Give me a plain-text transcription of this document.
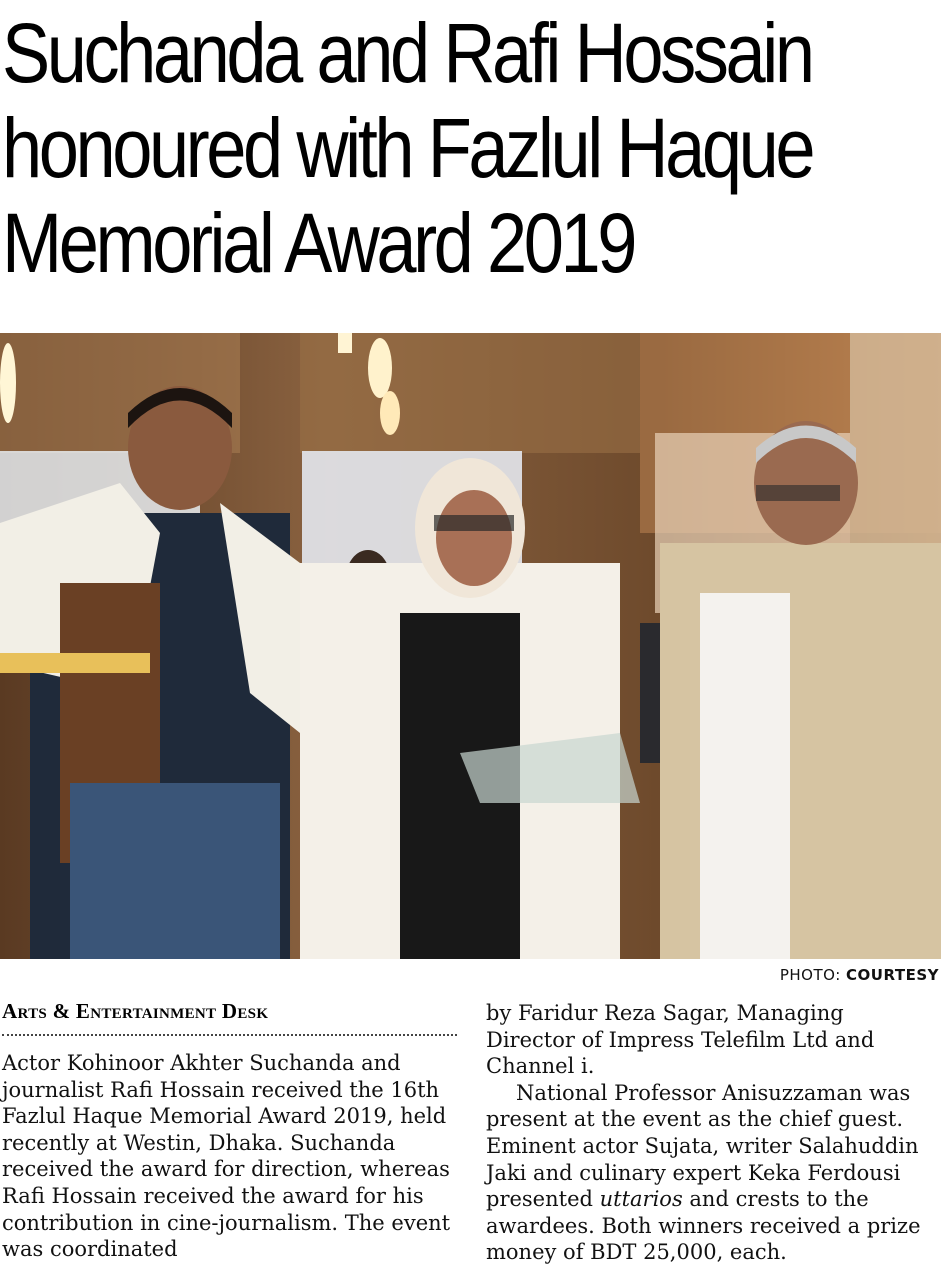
Suchanda and Rafi Hossain
honoured with Fazlul Haque
Memorial Award 2019
PHOTO: COURTESY
Arts & Entertainment Desk

Actor Kohinoor Akhter Suchanda and journalist Rafi Hossain received the 16th Fazlul Haque Memorial Award 2019, held recently at Westin, Dhaka. Suchanda received the award for direction, whereas Rafi Hossain received the award for his contribution in cine-journalism. The event was coordinated

by Faridur Reza Sagar, Managing Director of Impress Telefilm Ltd and Channel i.

National Professor Anisuzzaman was present at the event as the chief guest. Eminent actor Sujata, writer Salahuddin Jaki and culinary expert Keka Ferdousi presented uttarios and crests to the awardees. Both winners received a prize money of BDT 25,000, each.
